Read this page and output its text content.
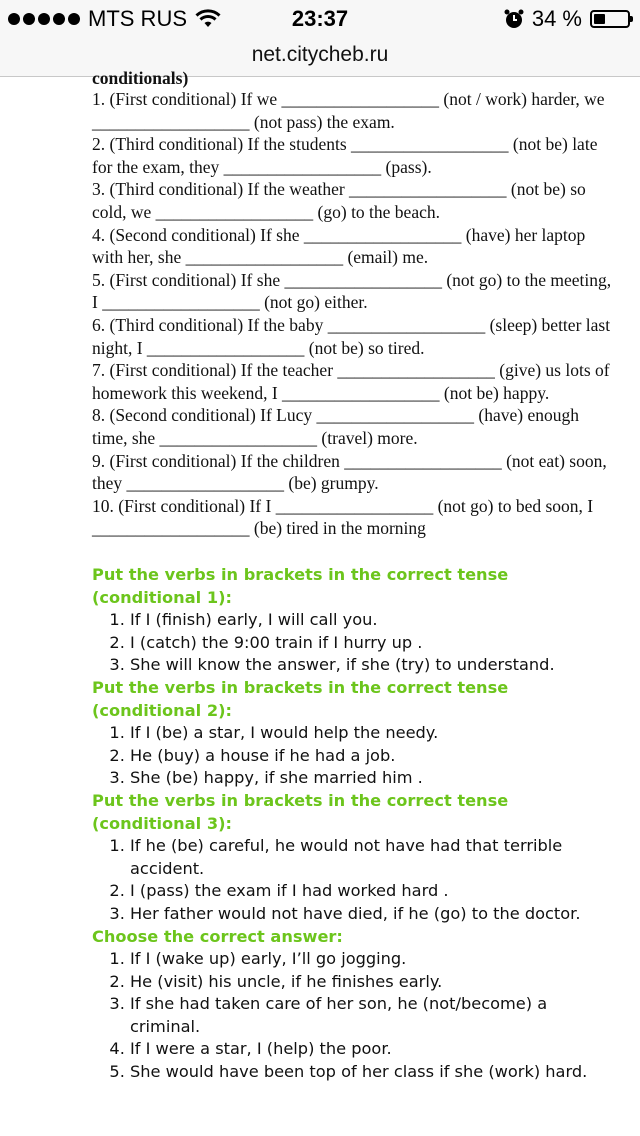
MTS RUS	23:37	34 %
net.citycheb.ru
conditionals)

1. (First conditional) If we __________________ (not / work) harder, we __________________ (not pass) the exam.

2. (Third conditional) If the students __________________ (not be) late for the exam, they __________________ (pass).

3. (Third conditional) If the weather __________________ (not be) so cold, we __________________ (go) to the beach.

4. (Second conditional) If she __________________ (have) her laptop with her, she __________________ (email) me.

5. (First conditional) If she __________________ (not go) to the meeting, I __________________ (not go) either.

6. (Third conditional) If the baby __________________ (sleep) better last night, I __________________ (not be) so tired.

7. (First conditional) If the teacher __________________ (give) us lots of homework this weekend, I __________________ (not be) happy.

8. (Second conditional) If Lucy __________________ (have) enough time, she __________________ (travel) more.

9. (First conditional) If the children __________________ (not eat) soon, they __________________ (be) grumpy.

10. (First conditional) If I __________________ (not go) to bed soon, I __________________ (be) tired in the morning

Put the verbs in brackets in the correct tense (conditional 1):

1. If I (finish) early, I will call you.
2. I (catch) the 9:00 train if I hurry up .
3. She will know the answer, if she (try) to understand.

Put the verbs in brackets in the correct tense (conditional 2):

1. If I (be) a star, I would help the needy.
2. He (buy) a house if he had a job.
3. She (be) happy, if she married him .

Put the verbs in brackets in the correct tense (conditional 3):

1. If he (be) careful, he would not have had that terrible accident.
2. I (pass) the exam if I had worked hard .
3. Her father would not have died, if he (go) to the doctor.

Choose the correct answer:

1. If I (wake up) early, I’ll go jogging.
2. He (visit) his uncle, if he finishes early.
3. If she had taken care of her son, he (not/become) a criminal.
4. If I were a star, I (help) the poor.
5. She would have been top of her class if she (work) hard.
